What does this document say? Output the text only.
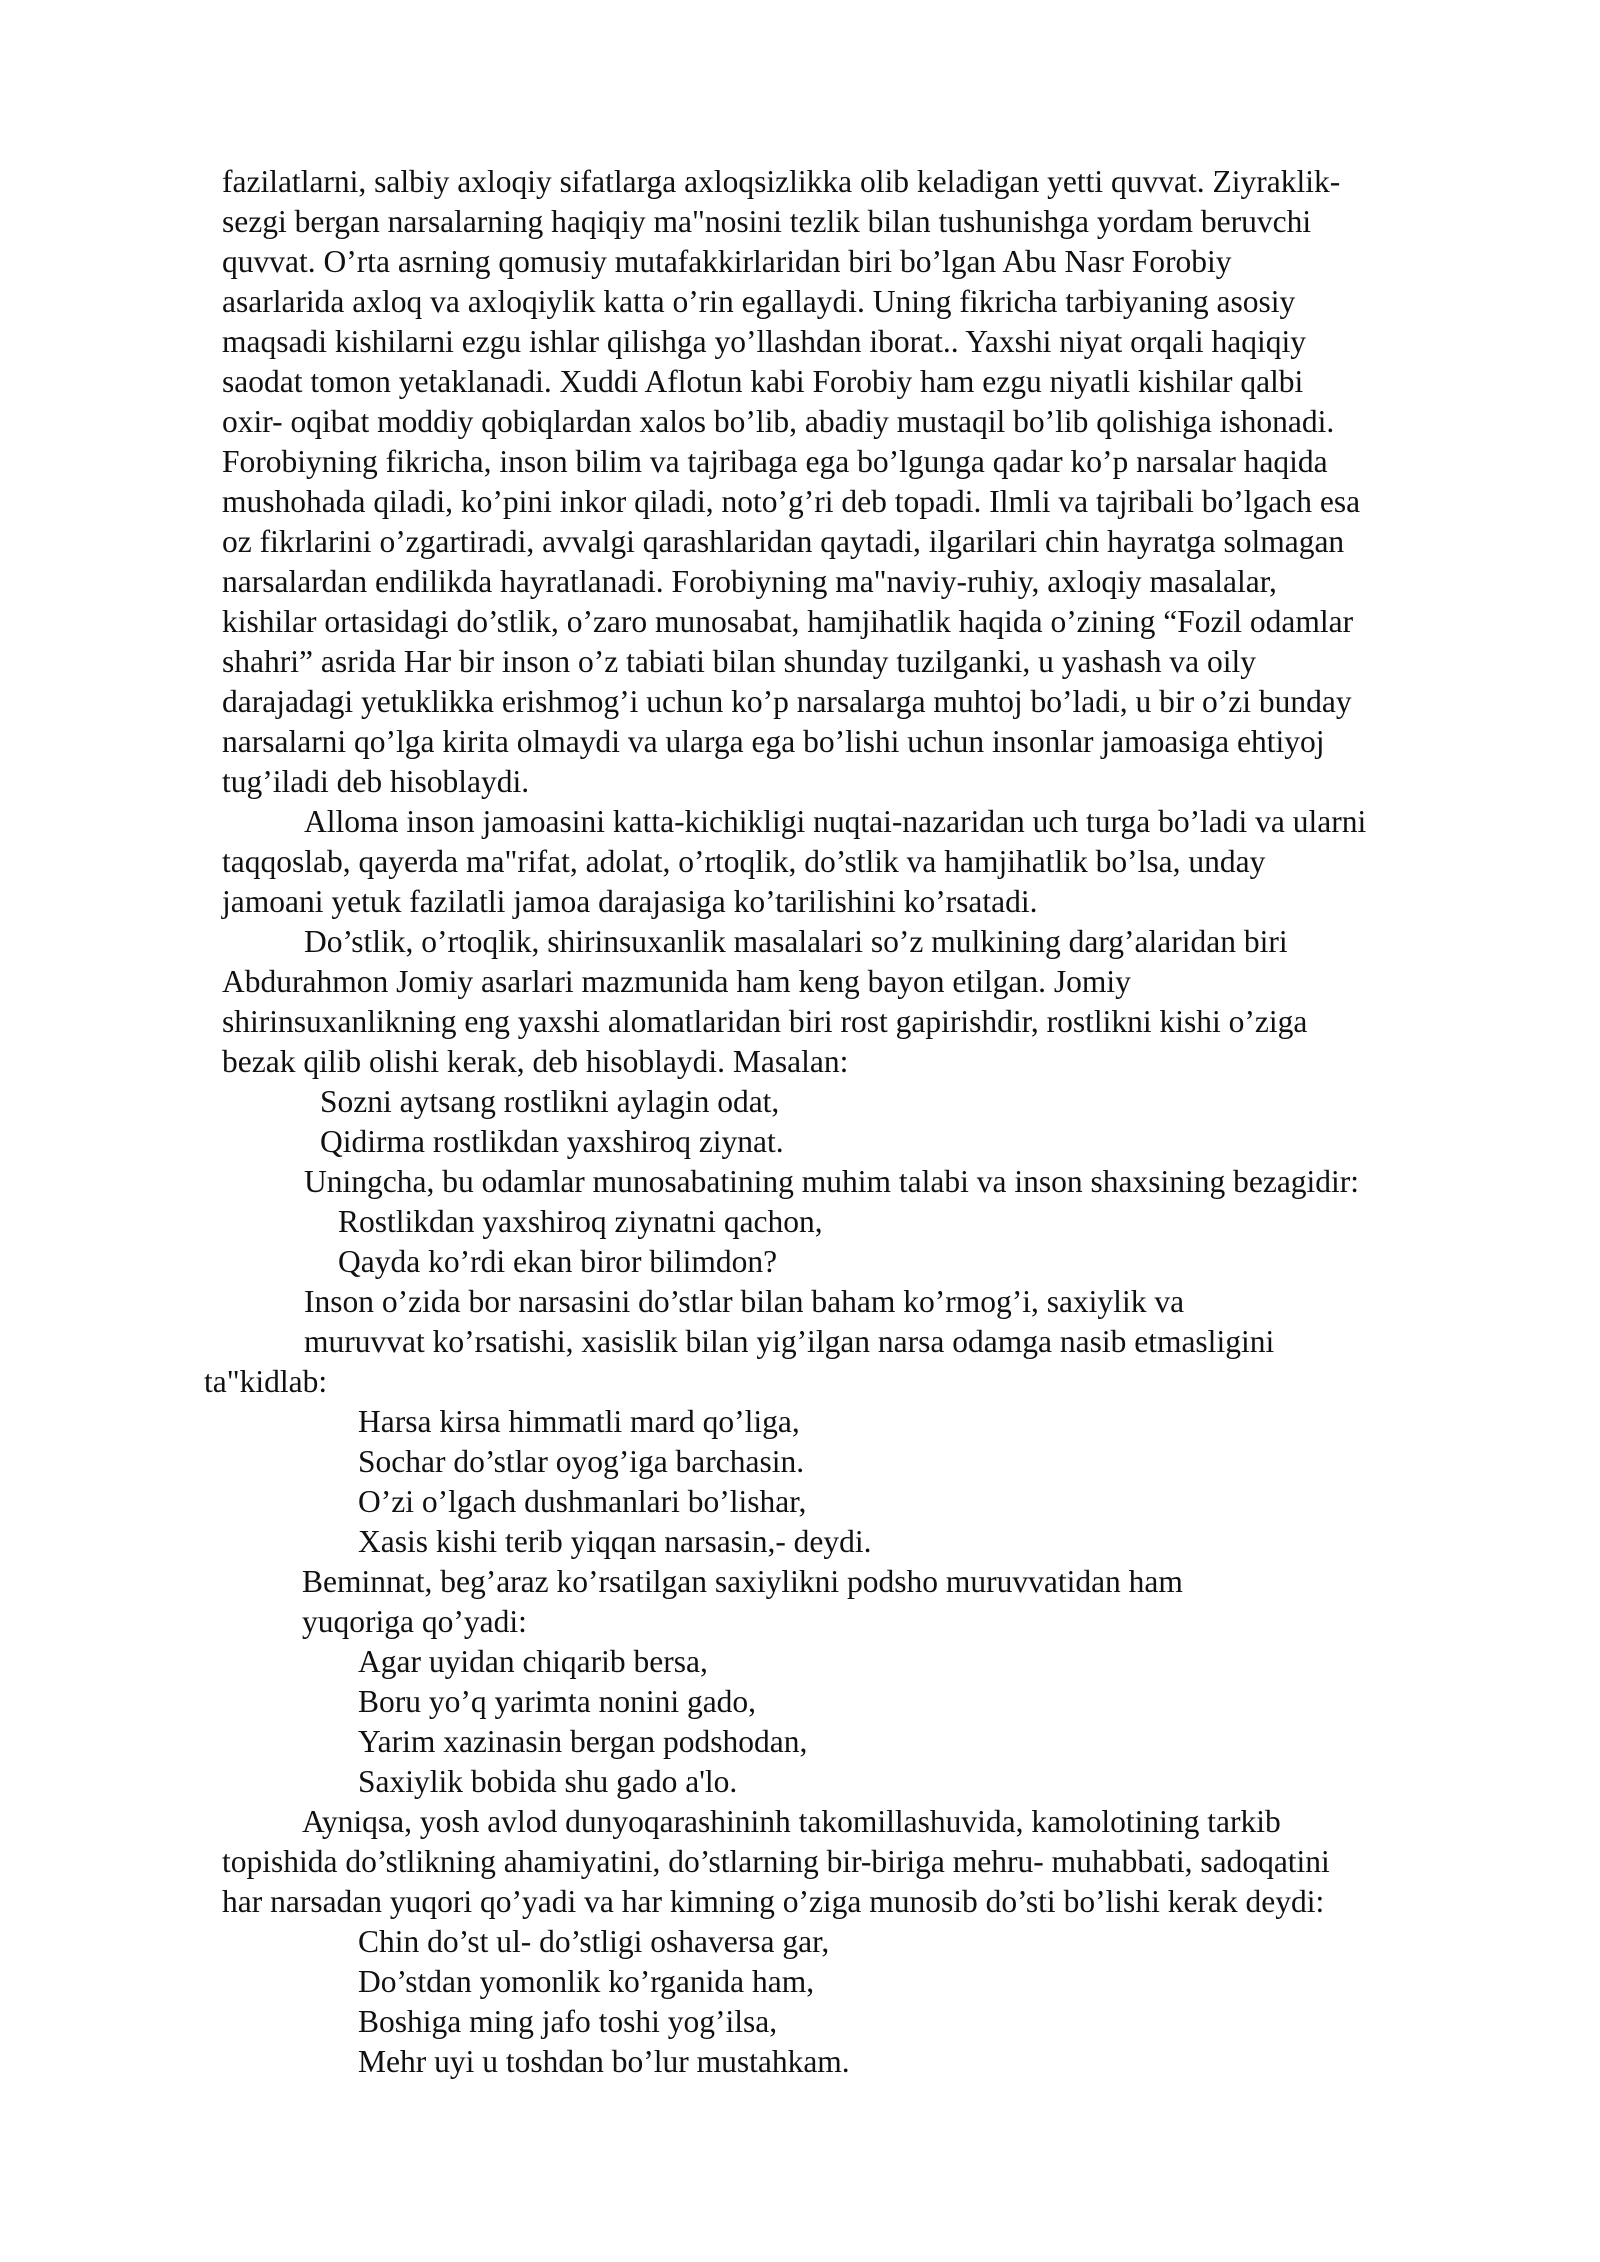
fazilatlarni, salbiy axloqiy sifatlarga axloqsizlikka olib keladigan yetti quvvat. Ziyraklik-
sezgi bergan narsalarning haqiqiy ma"nosini tezlik bilan tushunishga yordam beruvchi
quvvat. O’rta asrning qomusiy mutafakkirlaridan biri bo’lgan Abu Nasr Forobiy
asarlarida axloq va axloqiylik katta o’rin egallaydi. Uning fikricha tarbiyaning asosiy
maqsadi kishilarni ezgu ishlar qilishga yo’llashdan iborat.. Yaxshi niyat orqali haqiqiy
saodat tomon yetaklanadi. Xuddi Aflotun kabi Forobiy ham ezgu niyatli kishilar qalbi
oxir- oqibat moddiy qobiqlardan xalos bo’lib, abadiy mustaqil bo’lib qolishiga ishonadi.
Forobiyning fikricha, inson bilim va tajribaga ega bo’lgunga qadar ko’p narsalar haqida
mushohada qiladi, ko’pini inkor qiladi, noto’g’ri deb topadi. Ilmli va tajribali bo’lgach esa
oz fikrlarini o’zgartiradi, avvalgi qarashlaridan qaytadi, ilgarilari chin hayratga solmagan
narsalardan endilikda hayratlanadi. Forobiyning ma"naviy-ruhiy, axloqiy masalalar,
kishilar ortasidagi do’stlik, o’zaro munosabat, hamjihatlik haqida o’zining “Fozil odamlar
shahri” asrida Har bir inson o’z tabiati bilan shunday tuzilganki, u yashash va oily
darajadagi yetuklikka erishmog’i uchun ko’p narsalarga muhtoj bo’ladi, u bir o’zi bunday
narsalarni qo’lga kirita olmaydi va ularga ega bo’lishi uchun insonlar jamoasiga ehtiyoj
tug’iladi deb hisoblaydi.
Alloma inson jamoasini katta-kichikligi nuqtai-nazaridan uch turga bo’ladi va ularni
taqqoslab, qayerda ma"rifat, adolat, o’rtoqlik, do’stlik va hamjihatlik bo’lsa, unday
jamoani yetuk fazilatli jamoa darajasiga ko’tarilishini ko’rsatadi.
Do’stlik, o’rtoqlik, shirinsuxanlik masalalari so’z mulkining darg’alaridan biri
Abdurahmon Jomiy asarlari mazmunida ham keng bayon etilgan. Jomiy
shirinsuxanlikning eng yaxshi alomatlaridan biri rost gapirishdir, rostlikni kishi o’ziga
bezak qilib olishi kerak, deb hisoblaydi. Masalan:
Sozni aytsang rostlikni aylagin odat,
Qidirma rostlikdan yaxshiroq ziynat.
Uningcha, bu odamlar munosabatining muhim talabi va inson shaxsining bezagidir:
Rostlikdan yaxshiroq ziynatni qachon,
Qayda ko’rdi ekan biror bilimdon?
Inson o’zida bor narsasini do’stlar bilan baham ko’rmog’i, saxiylik va
muruvvat ko’rsatishi, xasislik bilan yig’ilgan narsa odamga nasib etmasligini
ta"kidlab:
Harsa kirsa himmatli mard qo’liga,
Sochar do’stlar oyog’iga barchasin.
O’zi o’lgach dushmanlari bo’lishar,
Xasis kishi terib yiqqan narsasin,- deydi.
Beminnat, beg’araz ko’rsatilgan saxiylikni podsho muruvvatidan ham
yuqoriga qo’yadi:
Agar uyidan chiqarib bersa,
Boru yo’q yarimta nonini gado,
Yarim xazinasin bergan podshodan,
Saxiylik bobida shu gado a'lo.
Ayniqsa, yosh avlod dunyoqarashininh takomillashuvida, kamolotining tarkib
topishida do’stlikning ahamiyatini, do’stlarning bir-biriga mehru- muhabbati, sadoqatini
har narsadan yuqori qo’yadi va har kimning o’ziga munosib do’sti bo’lishi kerak deydi:
Chin do’st ul- do’stligi oshaversa gar,
Do’stdan yomonlik ko’rganida ham,
Boshiga ming jafo toshi yog’ilsa,
Mehr uyi u toshdan bo’lur mustahkam.
